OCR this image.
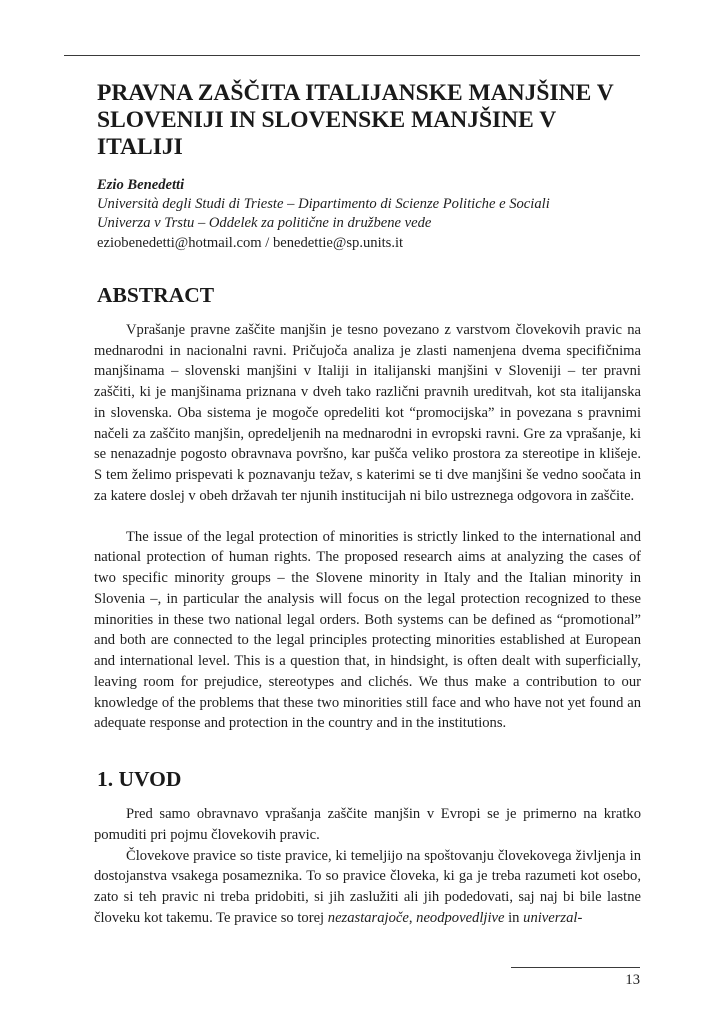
PRAVNA ZAŠČITA ITALIJANSKE MANJŠINE V
SLOVENIJI IN SLOVENSKE MANJŠINE V ITALIJI
Ezio Benedetti
Università degli Studi di Trieste – Dipartimento di Scienze Politiche e Sociali
Univerza v Trstu – Oddelek za politične in družbene vede
eziobenedetti@hotmail.com / benedettie@sp.units.it
ABSTRACT

Vprašanje pravne zaščite manjšin je tesno povezano z varstvom človekovih pravic na mednarodni in nacionalni ravni. Pričujoča analiza je zlasti namenjena dvema specifičnima manjšinama – slovenski manjšini v Italiji in italijanski manjšini v Sloveniji – ter pravni zaščiti, ki je manjšinama priznana v dveh tako različni pravnih ureditvah, kot sta italijanska in slovenska. Oba sistema je mogoče opredeliti kot “promocijska” in povezana s pravnimi načeli za zaščito manjšin, opredeljenih na mednarodni in evropski ravni. Gre za vprašanje, ki se nenazadnje pogosto obravnava površno, kar pušča veliko prostora za stereotipe in klišeje. S tem želimo prispevati k poznavanju težav, s katerimi se ti dve manjšini še vedno soočata in za katere doslej v obeh državah ter njunih institucijah ni bilo ustreznega odgovora in zaščite.

The issue of the legal protection of minorities is strictly linked to the international and national protection of human rights. The proposed research aims at analyzing the cases of two specific minority groups – the Slovene minority in Italy and the Italian minority in Slovenia –, in particular the analysis will focus on the legal protection recognized to these minorities in these two national legal orders. Both systems can be defined as “promotional” and both are connected to the legal principles protecting minorities established at European and international level. This is a question that, in hindsight, is often dealt with superficially, leaving room for prejudice, stereotypes and clichés. We thus make a contribution to our knowledge of the problems that these two minorities still face and who have not yet found an adequate response and protection in the country and in the institutions.

1. UVOD

Pred samo obravnavo vprašanja zaščite manjšin v Evropi se je primerno na kratko pomuditi pri pojmu človekovih pravic.

Človekove pravice so tiste pravice, ki temeljijo na spoštovanju človekovega življenja in dostojanstva vsakega posameznika. To so pravice človeka, ki ga je treba razumeti kot osebo, zato si teh pravic ni treba pridobiti, si jih zaslužiti ali jih podedovati, saj naj bi bile lastne človeku kot takemu. Te pravice so torej nezastarajoče, neodpovedljive in univerzal-

13
